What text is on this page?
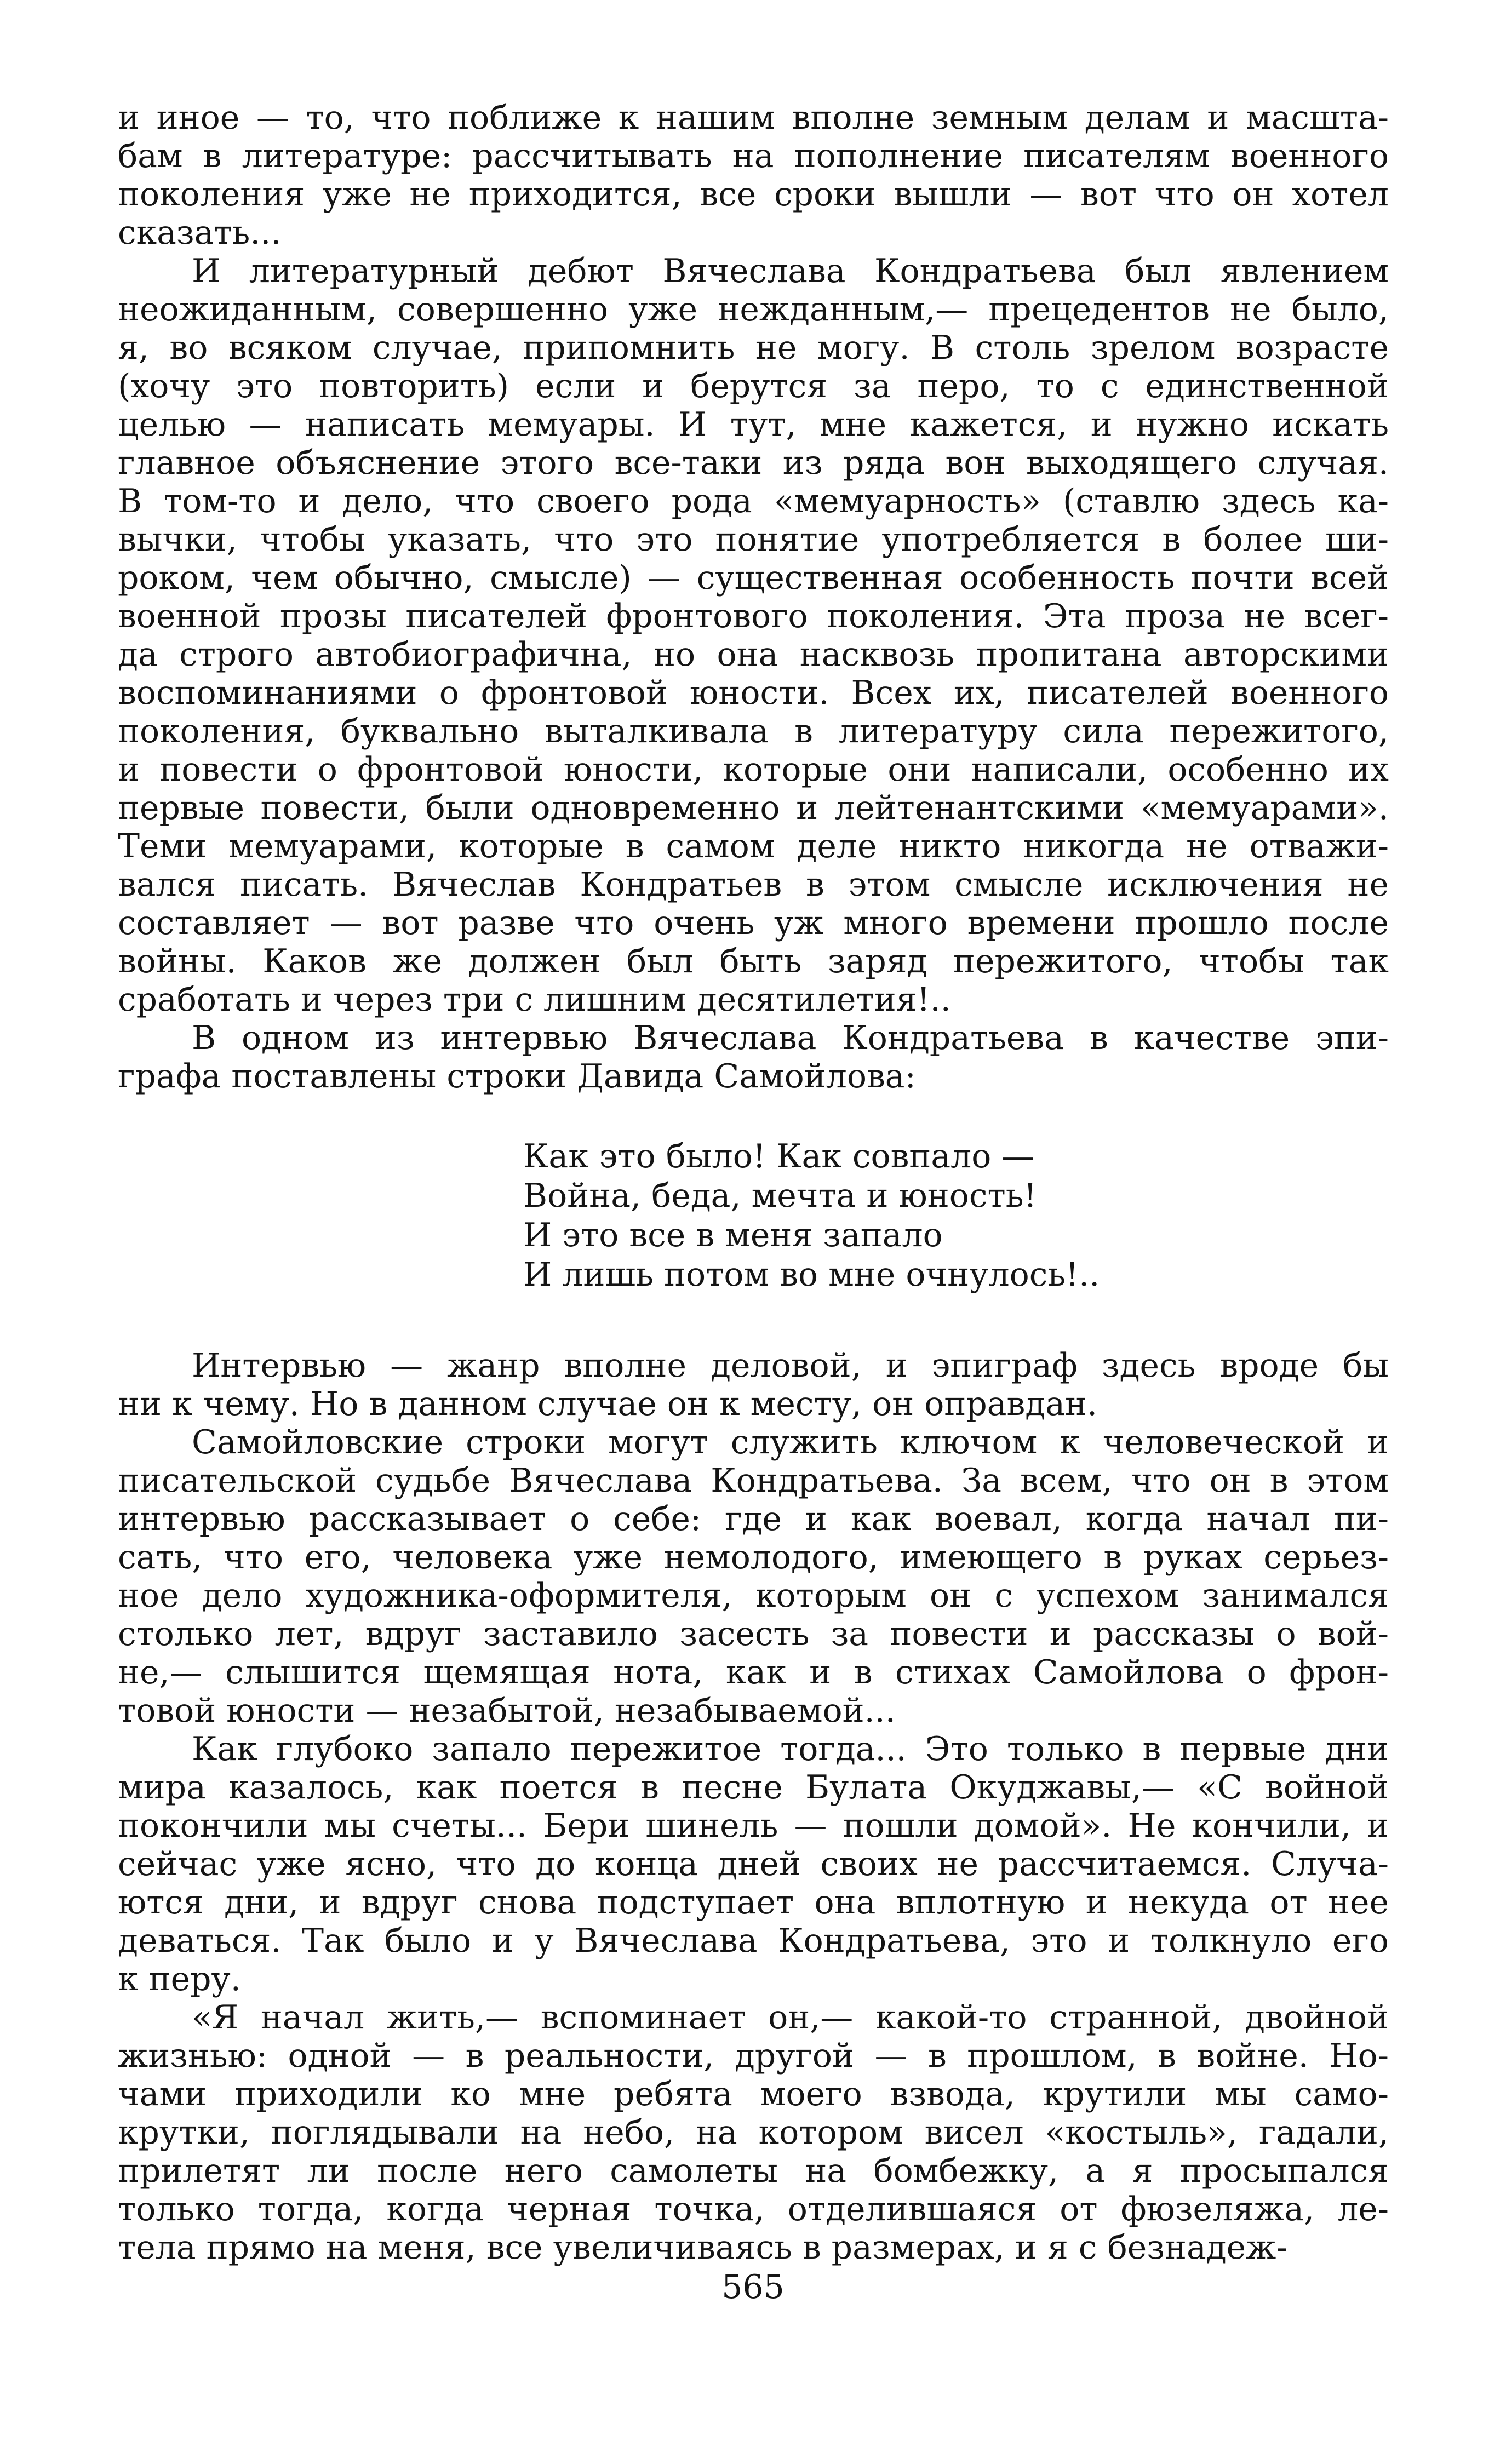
и иное — то, что поближе к нашим вполне земным делам и масшта-
бам в литературе: рассчитывать на пополнение писателям военного
поколения уже не приходится, все сроки вышли — вот что он хотел
сказать...
И литературный дебют Вячеслава Кондратьева был явлением
неожиданным, совершенно уже нежданным,— прецедентов не было,
я, во всяком случае, припомнить не могу. В столь зрелом возрасте
(хочу это повторить) если и берутся за перо, то с единственной
целью — написать мемуары. И тут, мне кажется, и нужно искать
главное объяснение этого все-таки из ряда вон выходящего случая.
В том-то и дело, что своего рода «мемуарность» (ставлю здесь ка-
вычки, чтобы указать, что это понятие употребляется в более ши-
роком, чем обычно, смысле) — существенная особенность почти всей
военной прозы писателей фронтового поколения. Эта проза не всег-
да строго автобиографична, но она насквозь пропитана авторскими
воспоминаниями о фронтовой юности. Всех их, писателей военного
поколения, буквально выталкивала в литературу сила пережитого,
и повести о фронтовой юности, которые они написали, особенно их
первые повести, были одновременно и лейтенантскими «мемуарами».
Теми мемуарами, которые в самом деле никто никогда не отважи-
вался писать. Вячеслав Кондратьев в этом смысле исключения не
составляет — вот разве что очень уж много времени прошло после
войны. Каков же должен был быть заряд пережитого, чтобы так
сработать и через три с лишним десятилетия!..
В одном из интервью Вячеслава Кондратьева в качестве эпи-
графа поставлены строки Давида Самойлова:
Как это было! Как совпало —
Война, беда, мечта и юность!
И это все в меня запало
И лишь потом во мне очнулось!..
Интервью — жанр вполне деловой, и эпиграф здесь вроде бы
ни к чему. Но в данном случае он к месту, он оправдан.
Самойловские строки могут служить ключом к человеческой и
писательской судьбе Вячеслава Кондратьева. За всем, что он в этом
интервью рассказывает о себе: где и как воевал, когда начал пи-
сать, что его, человека уже немолодого, имеющего в руках серьез-
ное дело художника-оформителя, которым он с успехом занимался
столько лет, вдруг заставило засесть за повести и рассказы о вой-
не,— слышится щемящая нота, как и в стихах Самойлова о фрон-
товой юности — незабытой, незабываемой...
Как глубоко запало пережитое тогда... Это только в первые дни
мира казалось, как поется в песне Булата Окуджавы,— «С войной
покончили мы счеты... Бери шинель — пошли домой». Не кончили, и
сейчас уже ясно, что до конца дней своих не рассчитаемся. Случа-
ются дни, и вдруг снова подступает она вплотную и некуда от нее
деваться. Так было и у Вячеслава Кондратьева, это и толкнуло его
к перу.
«Я начал жить,— вспоминает он,— какой-то странной, двойной
жизнью: одной — в реальности, другой — в прошлом, в войне. Но-
чами приходили ко мне ребята моего взвода, крутили мы само-
крутки, поглядывали на небо, на котором висел «костыль», гадали,
прилетят ли после него самолеты на бомбежку, а я просыпался
только тогда, когда черная точка, отделившаяся от фюзеляжа, ле-
тела прямо на меня, все увеличиваясь в размерах, и я с безнадеж-
565
